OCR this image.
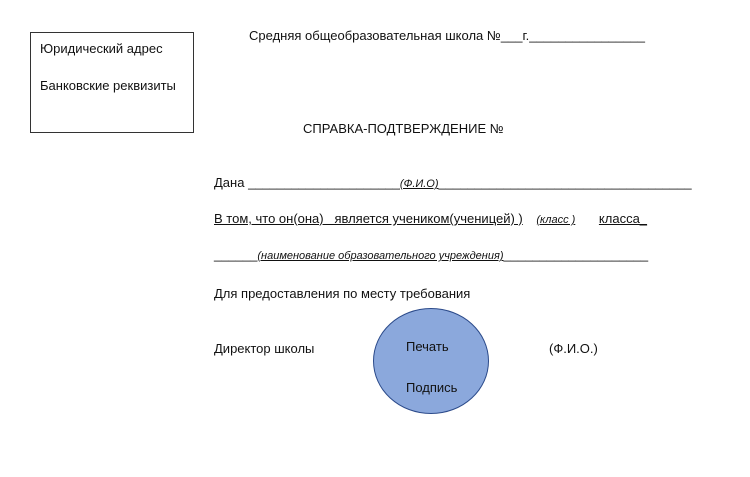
Юридический адрес
Банковские реквизиты
Средняя общеобразовательная школа №___г.________________
СПРАВКА-ПОДТВЕРЖДЕНИЕ №
Дана _____________________(Ф.И.О)___________________________________
В том, что он(она)   является учеником(ученицей) ) (класс ) класса_
______(наименование образовательного учреждения)____________________
Для предоставления по месту требования
Директор школы	Печать
Подпись
(Ф.И.О.)
